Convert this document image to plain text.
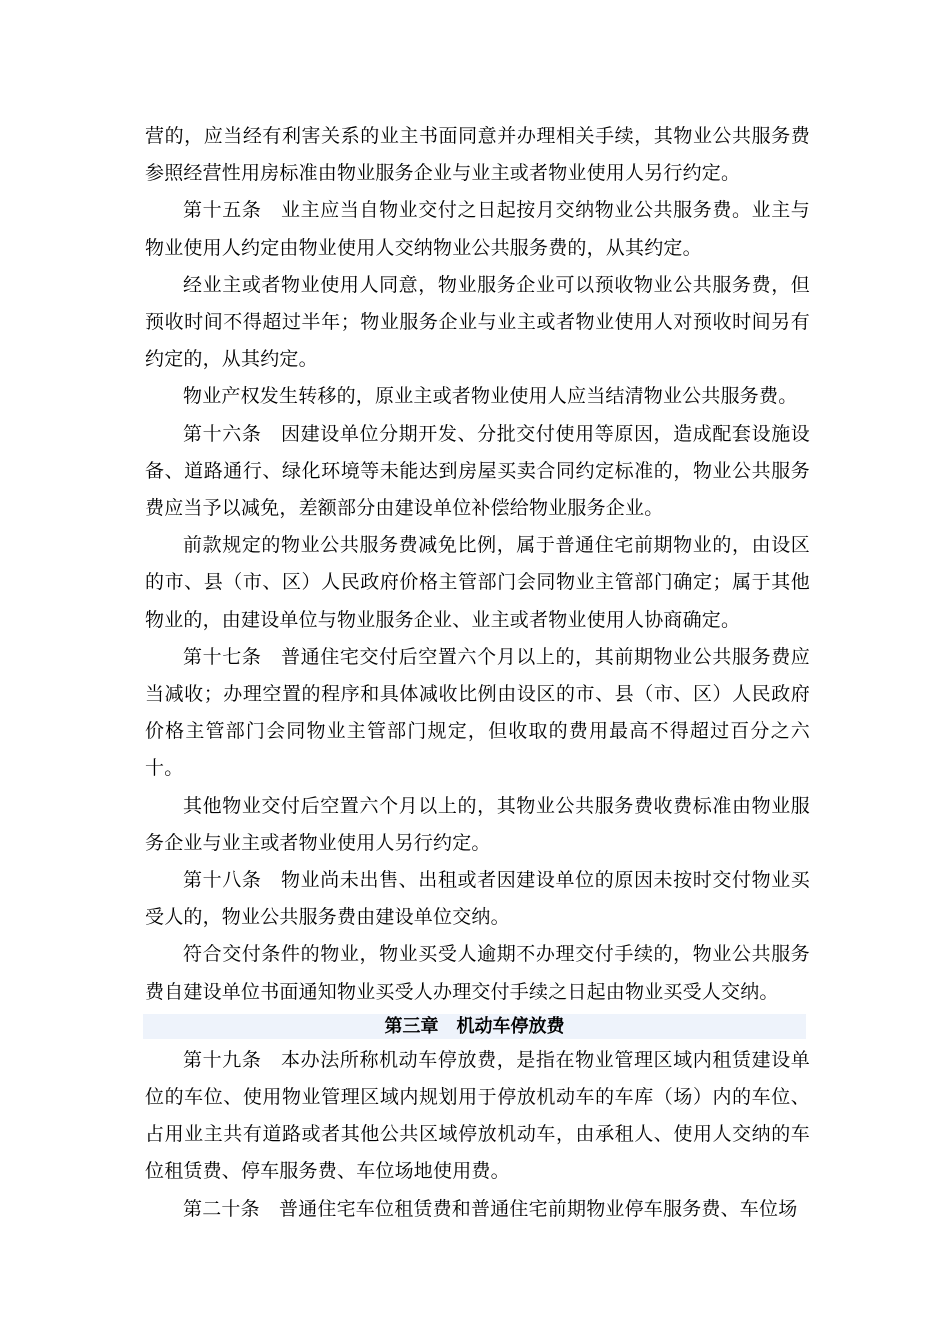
营的，应当经有利害关系的业主书面同意并办理相关手续，其物业公共服务费参照经营性用房标准由物业服务企业与业主或者物业使用人另行约定。

第十五条　业主应当自物业交付之日起按月交纳物业公共服务费。业主与物业使用人约定由物业使用人交纳物业公共服务费的，从其约定。

经业主或者物业使用人同意，物业服务企业可以预收物业公共服务费，但预收时间不得超过半年；物业服务企业与业主或者物业使用人对预收时间另有约定的，从其约定。

物业产权发生转移的，原业主或者物业使用人应当结清物业公共服务费。

第十六条　因建设单位分期开发、分批交付使用等原因，造成配套设施设备、道路通行、绿化环境等未能达到房屋买卖合同约定标准的，物业公共服务费应当予以减免，差额部分由建设单位补偿给物业服务企业。

前款规定的物业公共服务费减免比例，属于普通住宅前期物业的，由设区的市、县（市、区）人民政府价格主管部门会同物业主管部门确定；属于其他物业的，由建设单位与物业服务企业、业主或者物业使用人协商确定。

第十七条　普通住宅交付后空置六个月以上的，其前期物业公共服务费应当减收；办理空置的程序和具体减收比例由设区的市、县（市、区）人民政府价格主管部门会同物业主管部门规定，但收取的费用最高不得超过百分之六十。

其他物业交付后空置六个月以上的，其物业公共服务费收费标准由物业服务企业与业主或者物业使用人另行约定。

第十八条　物业尚未出售、出租或者因建设单位的原因未按时交付物业买受人的，物业公共服务费由建设单位交纳。

符合交付条件的物业，物业买受人逾期不办理交付手续的，物业公共服务费自建设单位书面通知物业买受人办理交付手续之日起由物业买受人交纳。

第三章　机动车停放费

第十九条　本办法所称机动车停放费，是指在物业管理区域内租赁建设单位的车位、使用物业管理区域内规划用于停放机动车的车库（场）内的车位、占用业主共有道路或者其他公共区域停放机动车，由承租人、使用人交纳的车位租赁费、停车服务费、车位场地使用费。

第二十条　普通住宅车位租赁费和普通住宅前期物业停车服务费、车位场
